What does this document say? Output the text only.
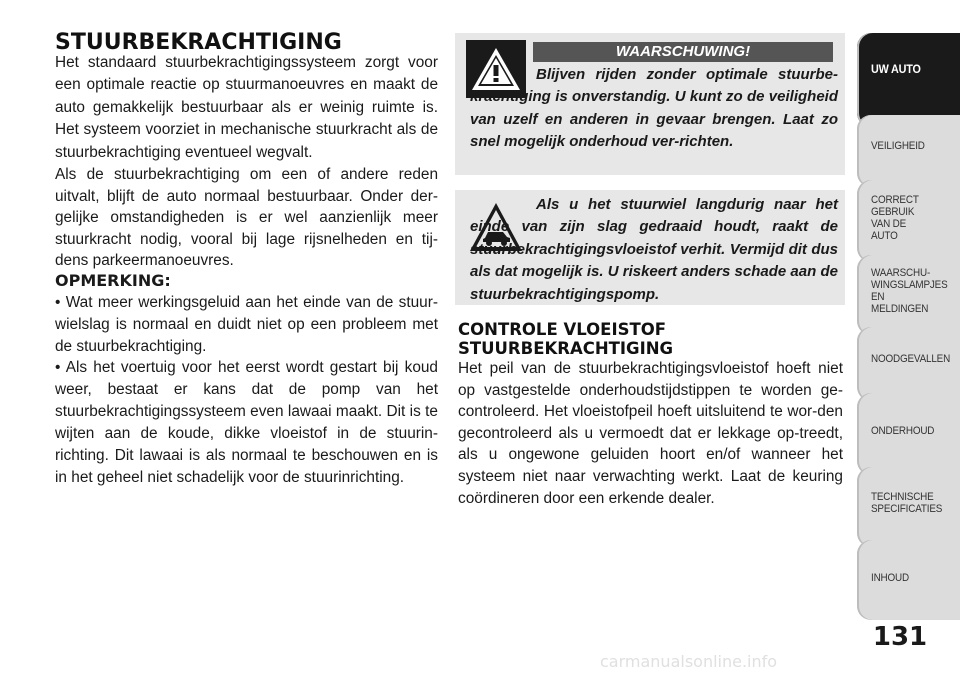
STUURBEKRACHTIGING
Het standaard stuurbekrachtigingssysteem zorgt voor een optimale reactie op stuurmanoeuvres en maakt de auto gemakkelijk bestuurbaar als er weinig ruimte is. Het systeem voorziet in mechanische stuurkracht als de stuurbekrachtiging eventueel wegvalt.
Als de stuurbekrachtiging om een of andere reden uitvalt, blijft de auto normaal bestuurbaar. Onder der-gelijke omstandigheden is er wel aanzienlijk meer stuurkracht nodig, vooral bij lage rijsnelheden en tij-dens parkeermanoeuvres.
OPMERKING:
• Wat meer werkingsgeluid aan het einde van de stuur-wielslag is normaal en duidt niet op een probleem met de stuurbekrachtiging.
• Als het voertuig voor het eerst wordt gestart bij koud weer, bestaat er kans dat de pomp van het stuurbekrachtigingssysteem even lawaai maakt. Dit is te wijten aan de koude, dikke vloeistof in de stuurin-richting. Dit lawaai is als normaal te beschouwen en is in het geheel niet schadelijk voor de stuurinrichting.
WAARSCHUWING!
Blijven rijden zonder optimale stuurbe-krachtiging is onverstandig. U kunt zo de veiligheid van uzelf en anderen in gevaar brengen. Laat zo snel mogelijk onderhoud ver-richten.
Als u het stuurwiel langdurig naar het einde van zijn slag gedraaid houdt, raakt de stuurbekrachtigingsvloeistof verhit. Vermijd dit dus als dat mogelijk is. U riskeert anders schade aan de stuurbekrachtigingspomp.
CONTROLE VLOEISTOF
STUURBEKRACHTIGING
Het peil van de stuurbekrachtigingsvloeistof hoeft niet op vastgestelde onderhoudstijdstippen te worden ge-controleerd. Het vloeistofpeil hoeft uitsluitend te wor-den gecontroleerd als u vermoedt dat er lekkage op-treedt, als u ongewone geluiden hoort en/of wanneer het systeem niet naar verwachting werkt. Laat de keuring coördineren door een erkende dealer.
UW AUTO
VEILIGHEID
CORRECT GEBRUIK VAN DE AUTO
WAARSCHU-WINGSLAMPJES EN MELDINGEN
NOODGEVALLEN
ONDERHOUD
TECHNISCHE SPECIFICATIES
INHOUD
131
carmanualsonline.info
